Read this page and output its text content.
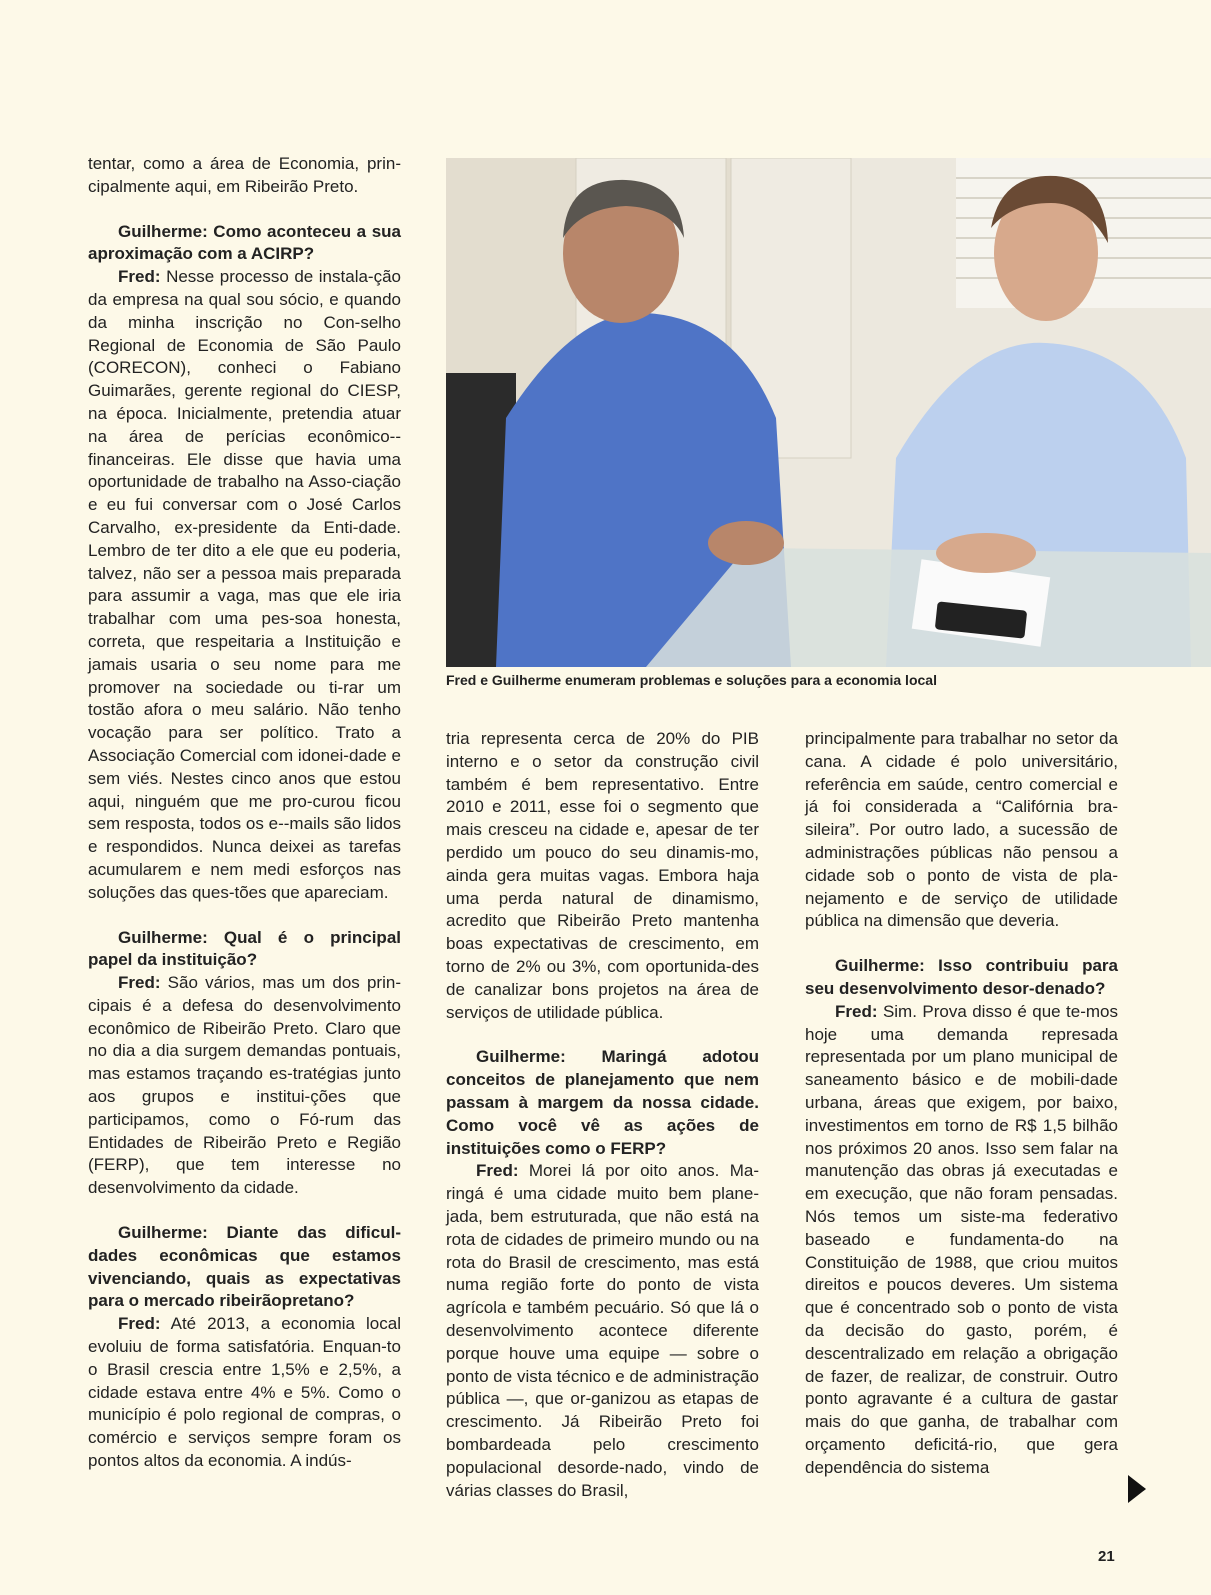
tentar, como a área de Economia, prin-cipalmente aqui, em Ribeirão Preto.

Guilherme: Como aconteceu a sua aproximação com a ACIRP?

Fred: Nesse processo de instala-ção da empresa na qual sou sócio, e quando da minha inscrição no Con-selho Regional de Economia de São Paulo (CORECON), conheci o Fabiano Guimarães, gerente regional do CIESP, na época. Inicialmente, pretendia atuar na área de perícias econômico--financeiras. Ele disse que havia uma oportunidade de trabalho na Asso-ciação e eu fui conversar com o José Carlos Carvalho, ex-presidente da Enti-dade. Lembro de ter dito a ele que eu poderia, talvez, não ser a pessoa mais preparada para assumir a vaga, mas que ele iria trabalhar com uma pes-soa honesta, correta, que respeitaria a Instituição e jamais usaria o seu nome para me promover na sociedade ou ti-rar um tostão afora o meu salário. Não tenho vocação para ser político. Trato a Associação Comercial com idonei-dade e sem viés. Nestes cinco anos que estou aqui, ninguém que me pro-curou ficou sem resposta, todos os e--mails são lidos e respondidos. Nunca deixei as tarefas acumularem e nem medi esforços nas soluções das ques-tões que apareciam.

Guilherme: Qual é o principal papel da instituição?

Fred: São vários, mas um dos prin-cipais é a defesa do desenvolvimento econômico de Ribeirão Preto. Claro que no dia a dia surgem demandas pontuais, mas estamos traçando es-tratégias junto aos grupos e institui-ções que participamos, como o Fó-rum das Entidades de Ribeirão Preto e Região (FERP), que tem interesse no desenvolvimento da cidade.

Guilherme: Diante das dificul-dades econômicas que estamos vivenciando, quais as expectativas para o mercado ribeirãopretano?

Fred: Até 2013, a economia local evoluiu de forma satisfatória. Enquan-to o Brasil crescia entre 1,5% e 2,5%, a cidade estava entre 4% e 5%. Como o município é polo regional de compras, o comércio e serviços sempre foram os pontos altos da economia. A indús-

Fred e Guilherme enumeram problemas e soluções para a economia local

tria representa cerca de 20% do PIB interno e o setor da construção civil também é bem representativo. Entre 2010 e 2011, esse foi o segmento que mais cresceu na cidade e, apesar de ter perdido um pouco do seu dinamis-mo, ainda gera muitas vagas. Embora haja uma perda natural de dinamismo, acredito que Ribeirão Preto mantenha boas expectativas de crescimento, em torno de 2% ou 3%, com oportunida-des de canalizar bons projetos na área de serviços de utilidade pública.

Guilherme: Maringá adotou conceitos de planejamento que nem passam à margem da nossa cidade. Como você vê as ações de instituições como o FERP?

Fred: Morei lá por oito anos. Ma-ringá é uma cidade muito bem plane-jada, bem estruturada, que não está na rota de cidades de primeiro mundo ou na rota do Brasil de crescimento, mas está numa região forte do ponto de vista agrícola e também pecuário. Só que lá o desenvolvimento acontece diferente porque houve uma equipe — sobre o ponto de vista técnico e de administração pública —, que or-ganizou as etapas de crescimento. Já Ribeirão Preto foi bombardeada pelo crescimento populacional desorde-nado, vindo de várias classes do Brasil,

principalmente para trabalhar no setor da cana. A cidade é polo universitário, referência em saúde, centro comercial e já foi considerada a “Califórnia bra-sileira”. Por outro lado, a sucessão de administrações públicas não pensou a cidade sob o ponto de vista de pla-nejamento e de serviço de utilidade pública na dimensão que deveria.

Guilherme: Isso contribuiu para seu desenvolvimento desor-denado?

Fred: Sim. Prova disso é que te-mos hoje uma demanda represada representada por um plano municipal de saneamento básico e de mobili-dade urbana, áreas que exigem, por baixo, investimentos em torno de R$ 1,5 bilhão nos próximos 20 anos. Isso sem falar na manutenção das obras já executadas e em execução, que não foram pensadas. Nós temos um siste-ma federativo baseado e fundamenta-do na Constituição de 1988, que criou muitos direitos e poucos deveres. Um sistema que é concentrado sob o ponto de vista da decisão do gasto, porém, é descentralizado em relação a obrigação de fazer, de realizar, de construir. Outro ponto agravante é a cultura de gastar mais do que ganha, de trabalhar com orçamento deficitá-rio, que gera dependência do sistema

21
